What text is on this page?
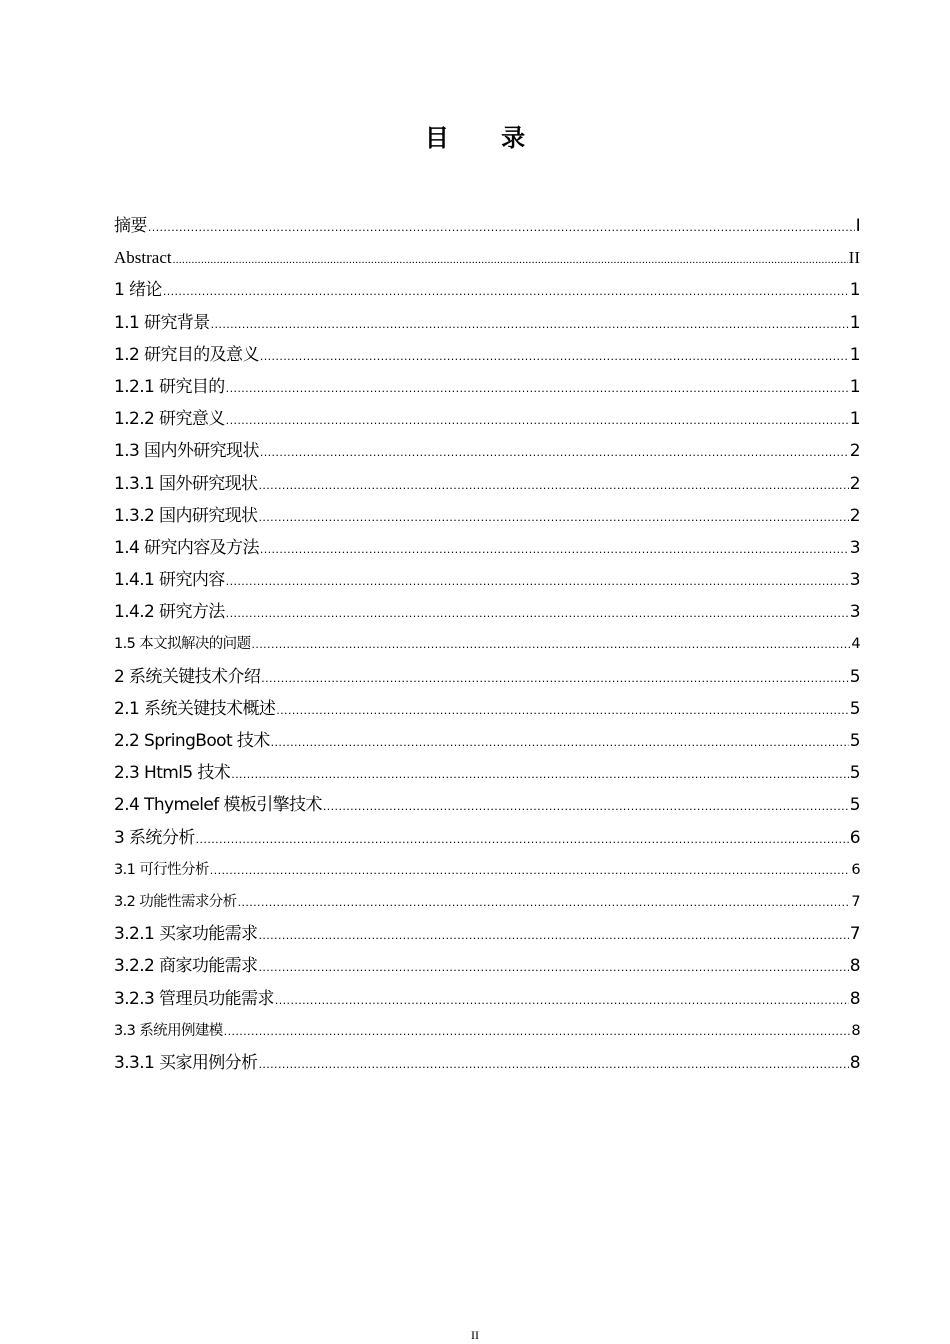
目 录
摘要 .....	I
Abstract .....	II
1 绪论 .....	1
1.1 研究背景 .....	1
1.2 研究目的及意义 .....	1
1.2.1 研究目的 .....	1
1.2.2 研究意义 .....	1
1.3 国内外研究现状 .....	2
1.3.1 国外研究现状 .....	2
1.3.2 国内研究现状 .....	2
1.4 研究内容及方法 .....	3
1.4.1 研究内容 .....	3
1.4.2 研究方法 .....	3
1.5 本文拟解决的问题 .....	4
2 系统关键技术介绍 .....	5
2.1 系统关键技术概述 .....	5
2.2 SpringBoot 技术 .....	5
2.3 Html5 技术 .....	5
2.4 Thymelef 模板引擎技术 .....	5
3 系统分析 .....	6
3.1 可行性分析 .....	6
3.2 功能性需求分析 .....	7
3.2.1 买家功能需求 .....	7
3.2.2 商家功能需求 .....	8
3.2.3 管理员功能需求 .....	8
3.3 系统用例建模 .....	8
3.3.1 买家用例分析 .....	8
II
